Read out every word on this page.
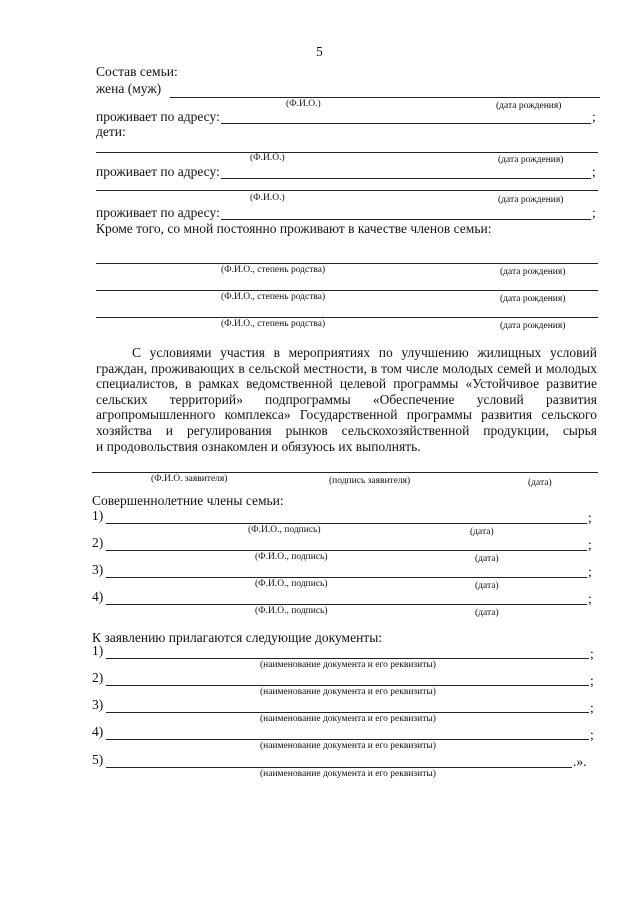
5
Состав семьи:
жена (муж)
(Ф.И.О.)	(дата рождения)
проживает по адресу:	;
дети:
(Ф.И.О.)	(дата рождения)
проживает по адресу:	;
(Ф.И.О.)	(дата рождения)
проживает по адресу:	;
Кроме того, со мной постоянно проживают в качестве членов семьи:
(Ф.И.О., степень родства)	(дата рождения)
(Ф.И.О., степень родства)	(дата рождения)
(Ф.И.О., степень родства)	(дата рождения)
С условиями участия в мероприятиях по улучшению жилищных условий
граждан, проживающих в сельской местности, в том числе молодых семей и молодых
специалистов, в рамках ведомственной целевой программы «Устойчивое развитие
сельских территорий» подпрограммы «Обеспечение условий развития
агропромышленного комплекса» Государственной программы развития сельского
хозяйства и регулирования рынков сельскохозяйственной продукции, сырья
и продовольствия ознакомлен и обязуюсь их выполнять.
(Ф.И.О. заявителя)	(подпись заявителя)	(дата)
Совершеннолетние члены семьи:
1)	;
(Ф.И.О., подпись)	(дата)
2)	;
(Ф.И.О., подпись)	(дата)
3)	;
(Ф.И.О., подпись)	(дата)
4)	;
(Ф.И.О., подпись)	(дата)
К заявлению прилагаются следующие документы:
1)	;
(наименование документа и его реквизиты)
2)	;
(наименование документа и его реквизиты)
3)	;
(наименование документа и его реквизиты)
4)	;
(наименование документа и его реквизиты)
5)	.».
(наименование документа и его реквизиты)
